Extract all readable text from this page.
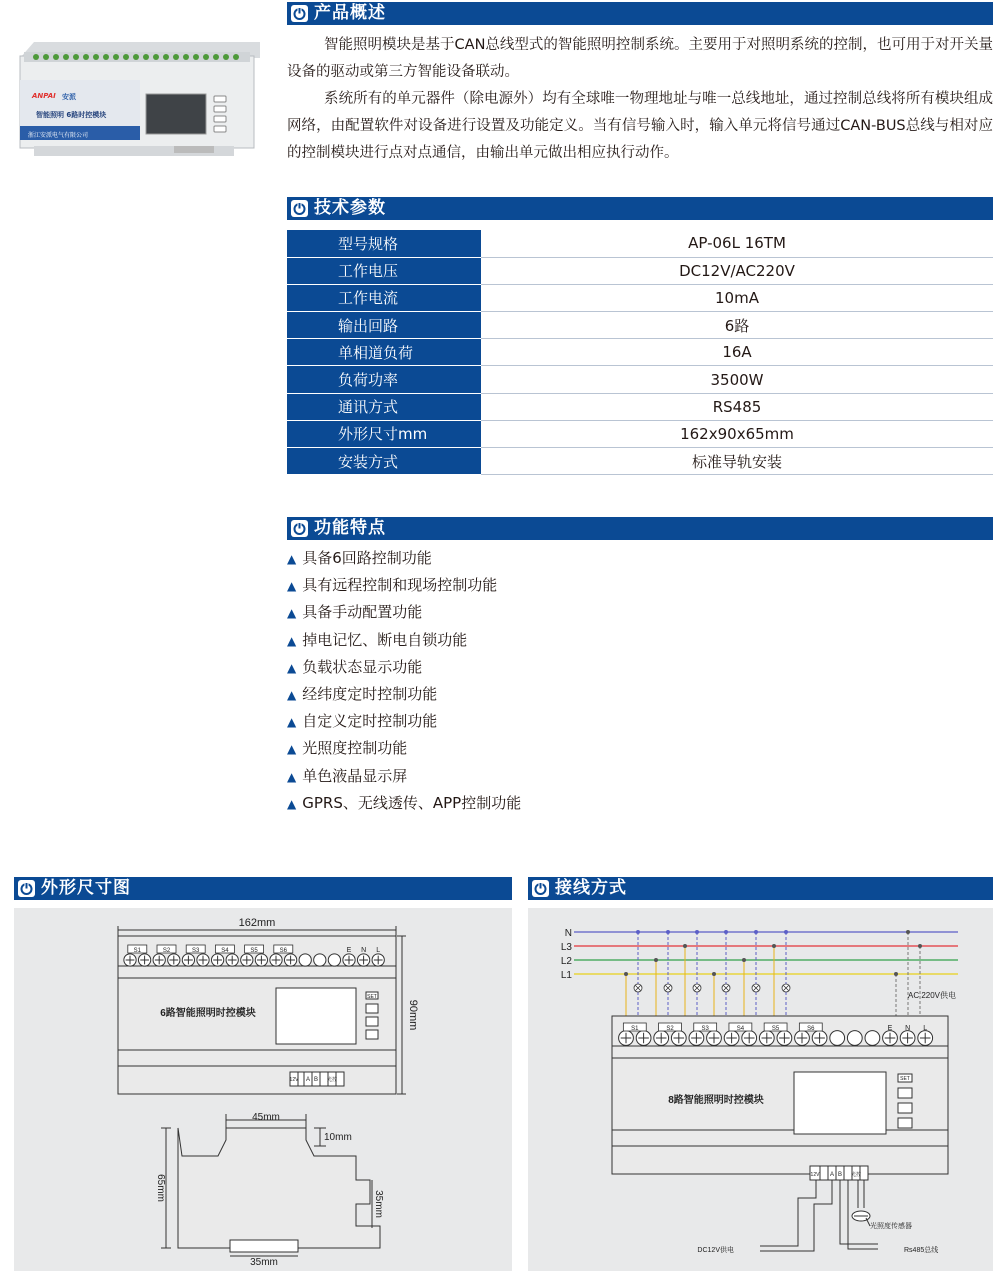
产品概述
ANPAI 安派
智能照明 6路时控模块
浙江安派电气有限公司

智能照明模块是基于CAN总线型式的智能照明控制系统。主要用于对照明系统的控制，也可用于对开关量设备的驱动或第三方智能设备联动。

系统所有的单元器件（除电源外）均有全球唯一物理地址与唯一总线地址，通过控制总线将所有模块组成网络，由配置软件对设备进行设置及功能定义。当有信号输入时，输入单元将信号通过CAN-BUS总线与相对应的控制模块进行点对点通信，由输出单元做出相应执行动作。

技术参数
型号规格	AP-06L 16TM
工作电压	DC12V/AC220V
工作电流	10mA
输出回路	6路
单相道负荷	16A
负荷功率	3500W
通讯方式	RS485
外形尺寸mm	162x90x65mm
安装方式	标准导轨安装
功能特点
▲ 具备6回路控制功能
▲ 具有远程控制和现场控制功能
▲ 具备手动配置功能
▲ 掉电记忆、断电自锁功能
▲ 负载状态显示功能
▲ 经纬度定时控制功能
▲ 自定义定时控制功能
▲ 光照度控制功能
▲ 单色液晶显示屏
▲ GPRS、无线透传、APP控制功能
外形尺寸图
S1	S2	S3	S4	S5	S6	E N L
162mm
90mm
6路智能照明时控模块
45mm
10mm
65mm
35mm
35mm
SET
12V A B 光控
接线方式
N
L3
L2
L1
S1	S2	S3	S4	S5	S6	E N L
AC 220V供电
8路智能照明时控模块
光照度传感器
DC12V供电	Rs485总线
SET
12V A B 光控
